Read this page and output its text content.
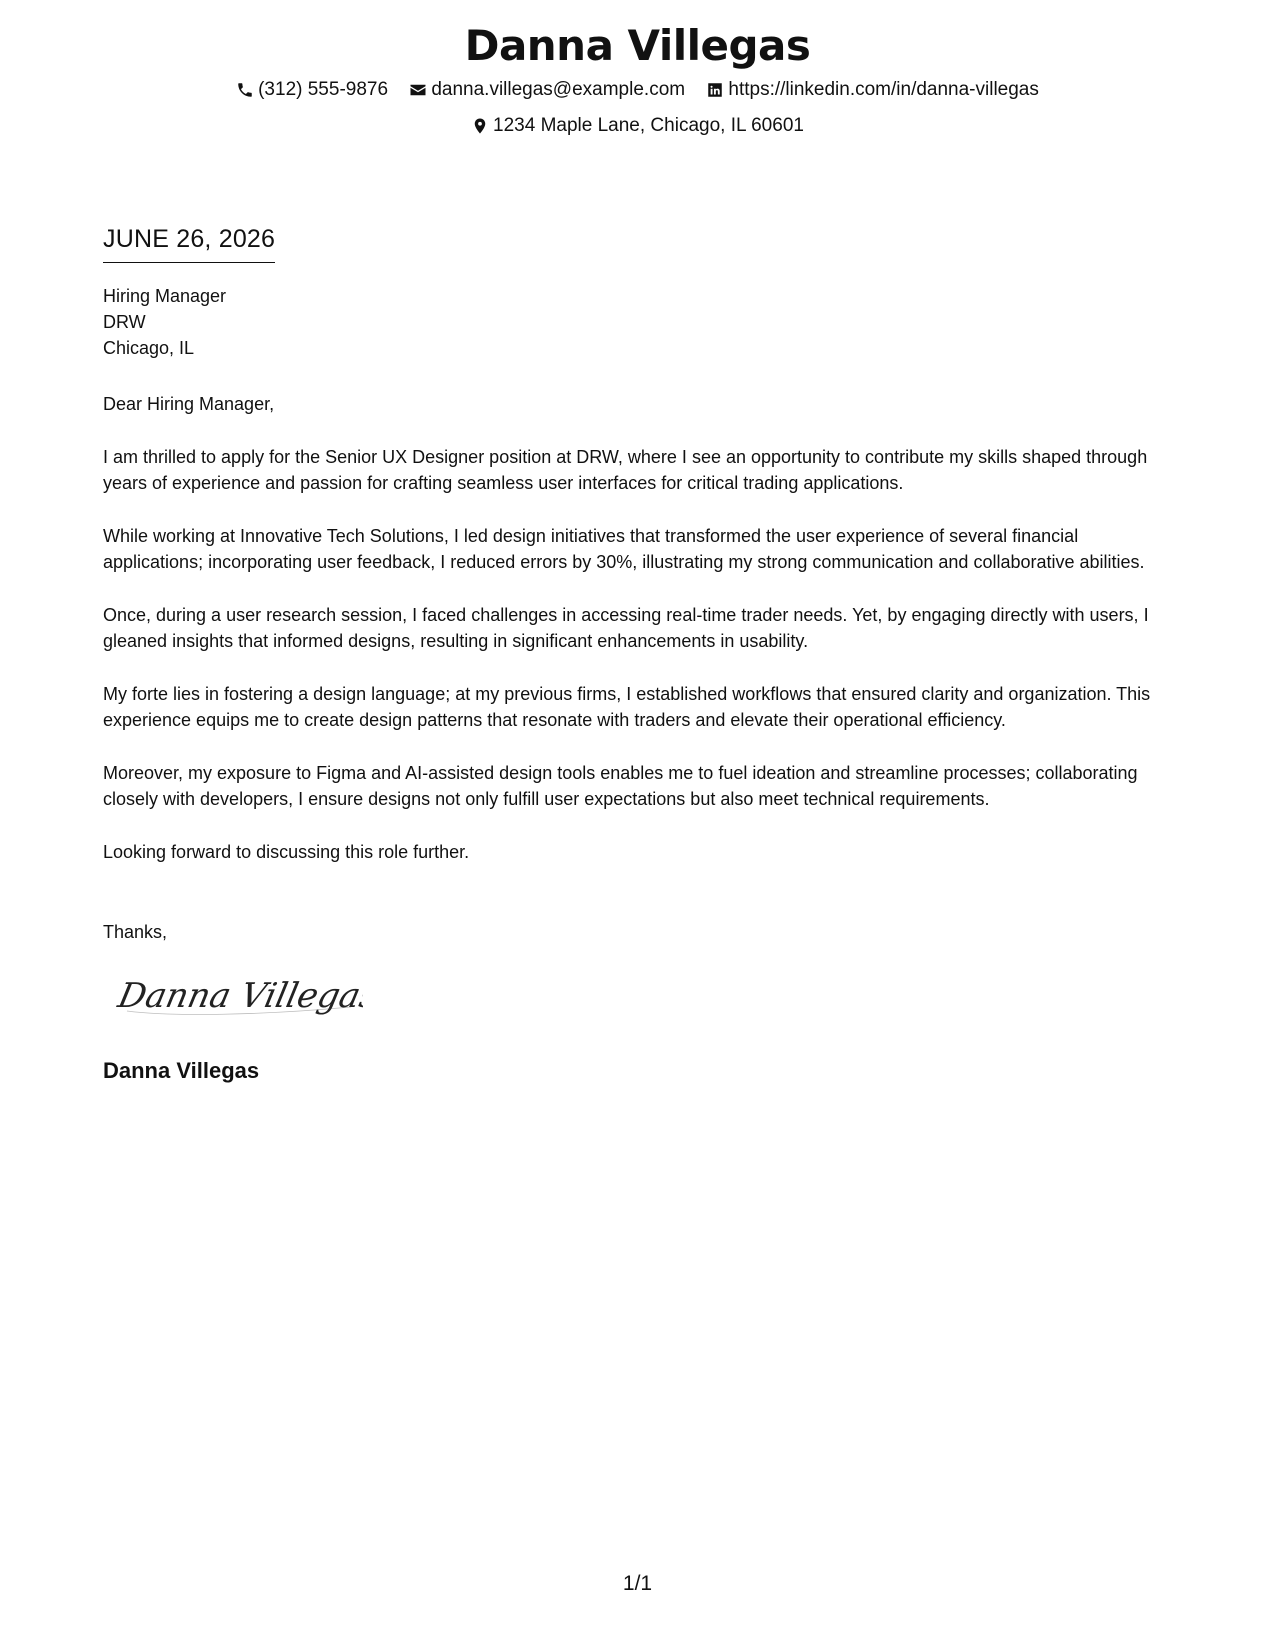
Danna Villegas
(312) 555-9876
danna.villegas@example.com
https://linkedin.com/in/danna-villegas
1234 Maple Lane, Chicago, IL 60601
JUNE 26, 2026
Hiring Manager
DRW
Chicago, IL

Dear Hiring Manager,

I am thrilled to apply for the Senior UX Designer position at DRW, where I see an opportunity to contribute my skills shaped through years of experience and passion for crafting seamless user interfaces for critical trading applications.

While working at Innovative Tech Solutions, I led design initiatives that transformed the user experience of several financial applications; incorporating user feedback, I reduced errors by 30%, illustrating my strong communication and collaborative abilities.

Once, during a user research session, I faced challenges in accessing real-time trader needs. Yet, by engaging directly with users, I gleaned insights that informed designs, resulting in significant enhancements in usability.

My forte lies in fostering a design language; at my previous firms, I established workflows that ensured clarity and organization. This experience equips me to create design patterns that resonate with traders and elevate their operational efficiency.

Moreover, my exposure to Figma and AI-assisted design tools enables me to fuel ideation and streamline processes; collaborating closely with developers, I ensure designs not only fulfill user expectations but also meet technical requirements.

Looking forward to discussing this role further.

Thanks,

Danna Villegas
Danna Villegas
1/1
